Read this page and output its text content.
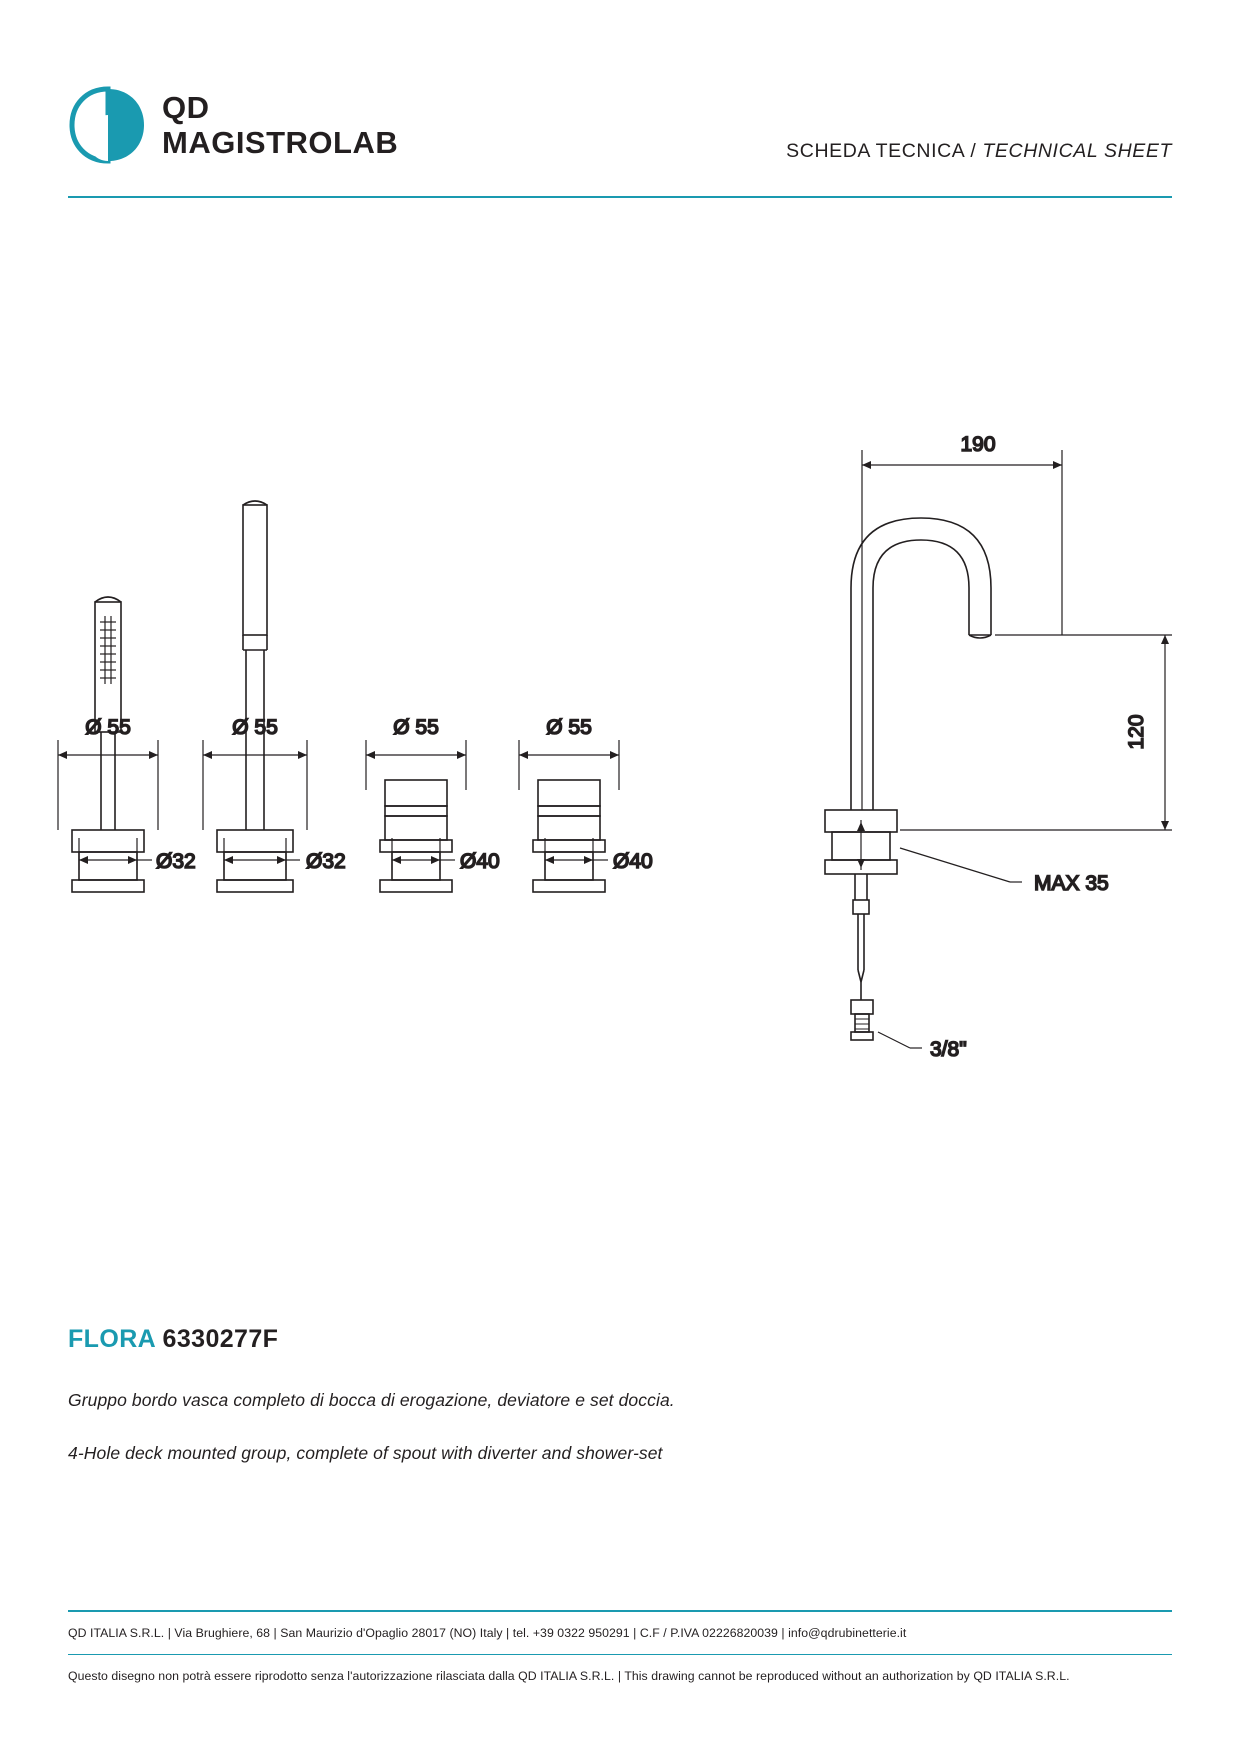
QD
MAGISTROLAB	SCHEDA TECNICA / TECHNICAL SHEET
Ø 55
Ø32
Ø 55
Ø32
Ø 55
Ø40
Ø 55
Ø40
190
120
MAX 35
3/8"
FLORA 6330277F
Gruppo bordo vasca completo di bocca di erogazione, deviatore e set doccia.
4-Hole deck mounted group, complete of spout with diverter and shower-set
QD ITALIA S.R.L. | Via Brughiere, 68 | San Maurizio d'Opaglio 28017 (NO) Italy | tel. +39 0322 950291 | C.F / P.IVA 02226820039 | info@qdrubinetterie.it
Questo disegno non potrà essere riprodotto senza l'autorizzazione rilasciata dalla QD ITALIA S.R.L. | This drawing cannot be reproduced without an authorization by QD ITALIA S.R.L.
